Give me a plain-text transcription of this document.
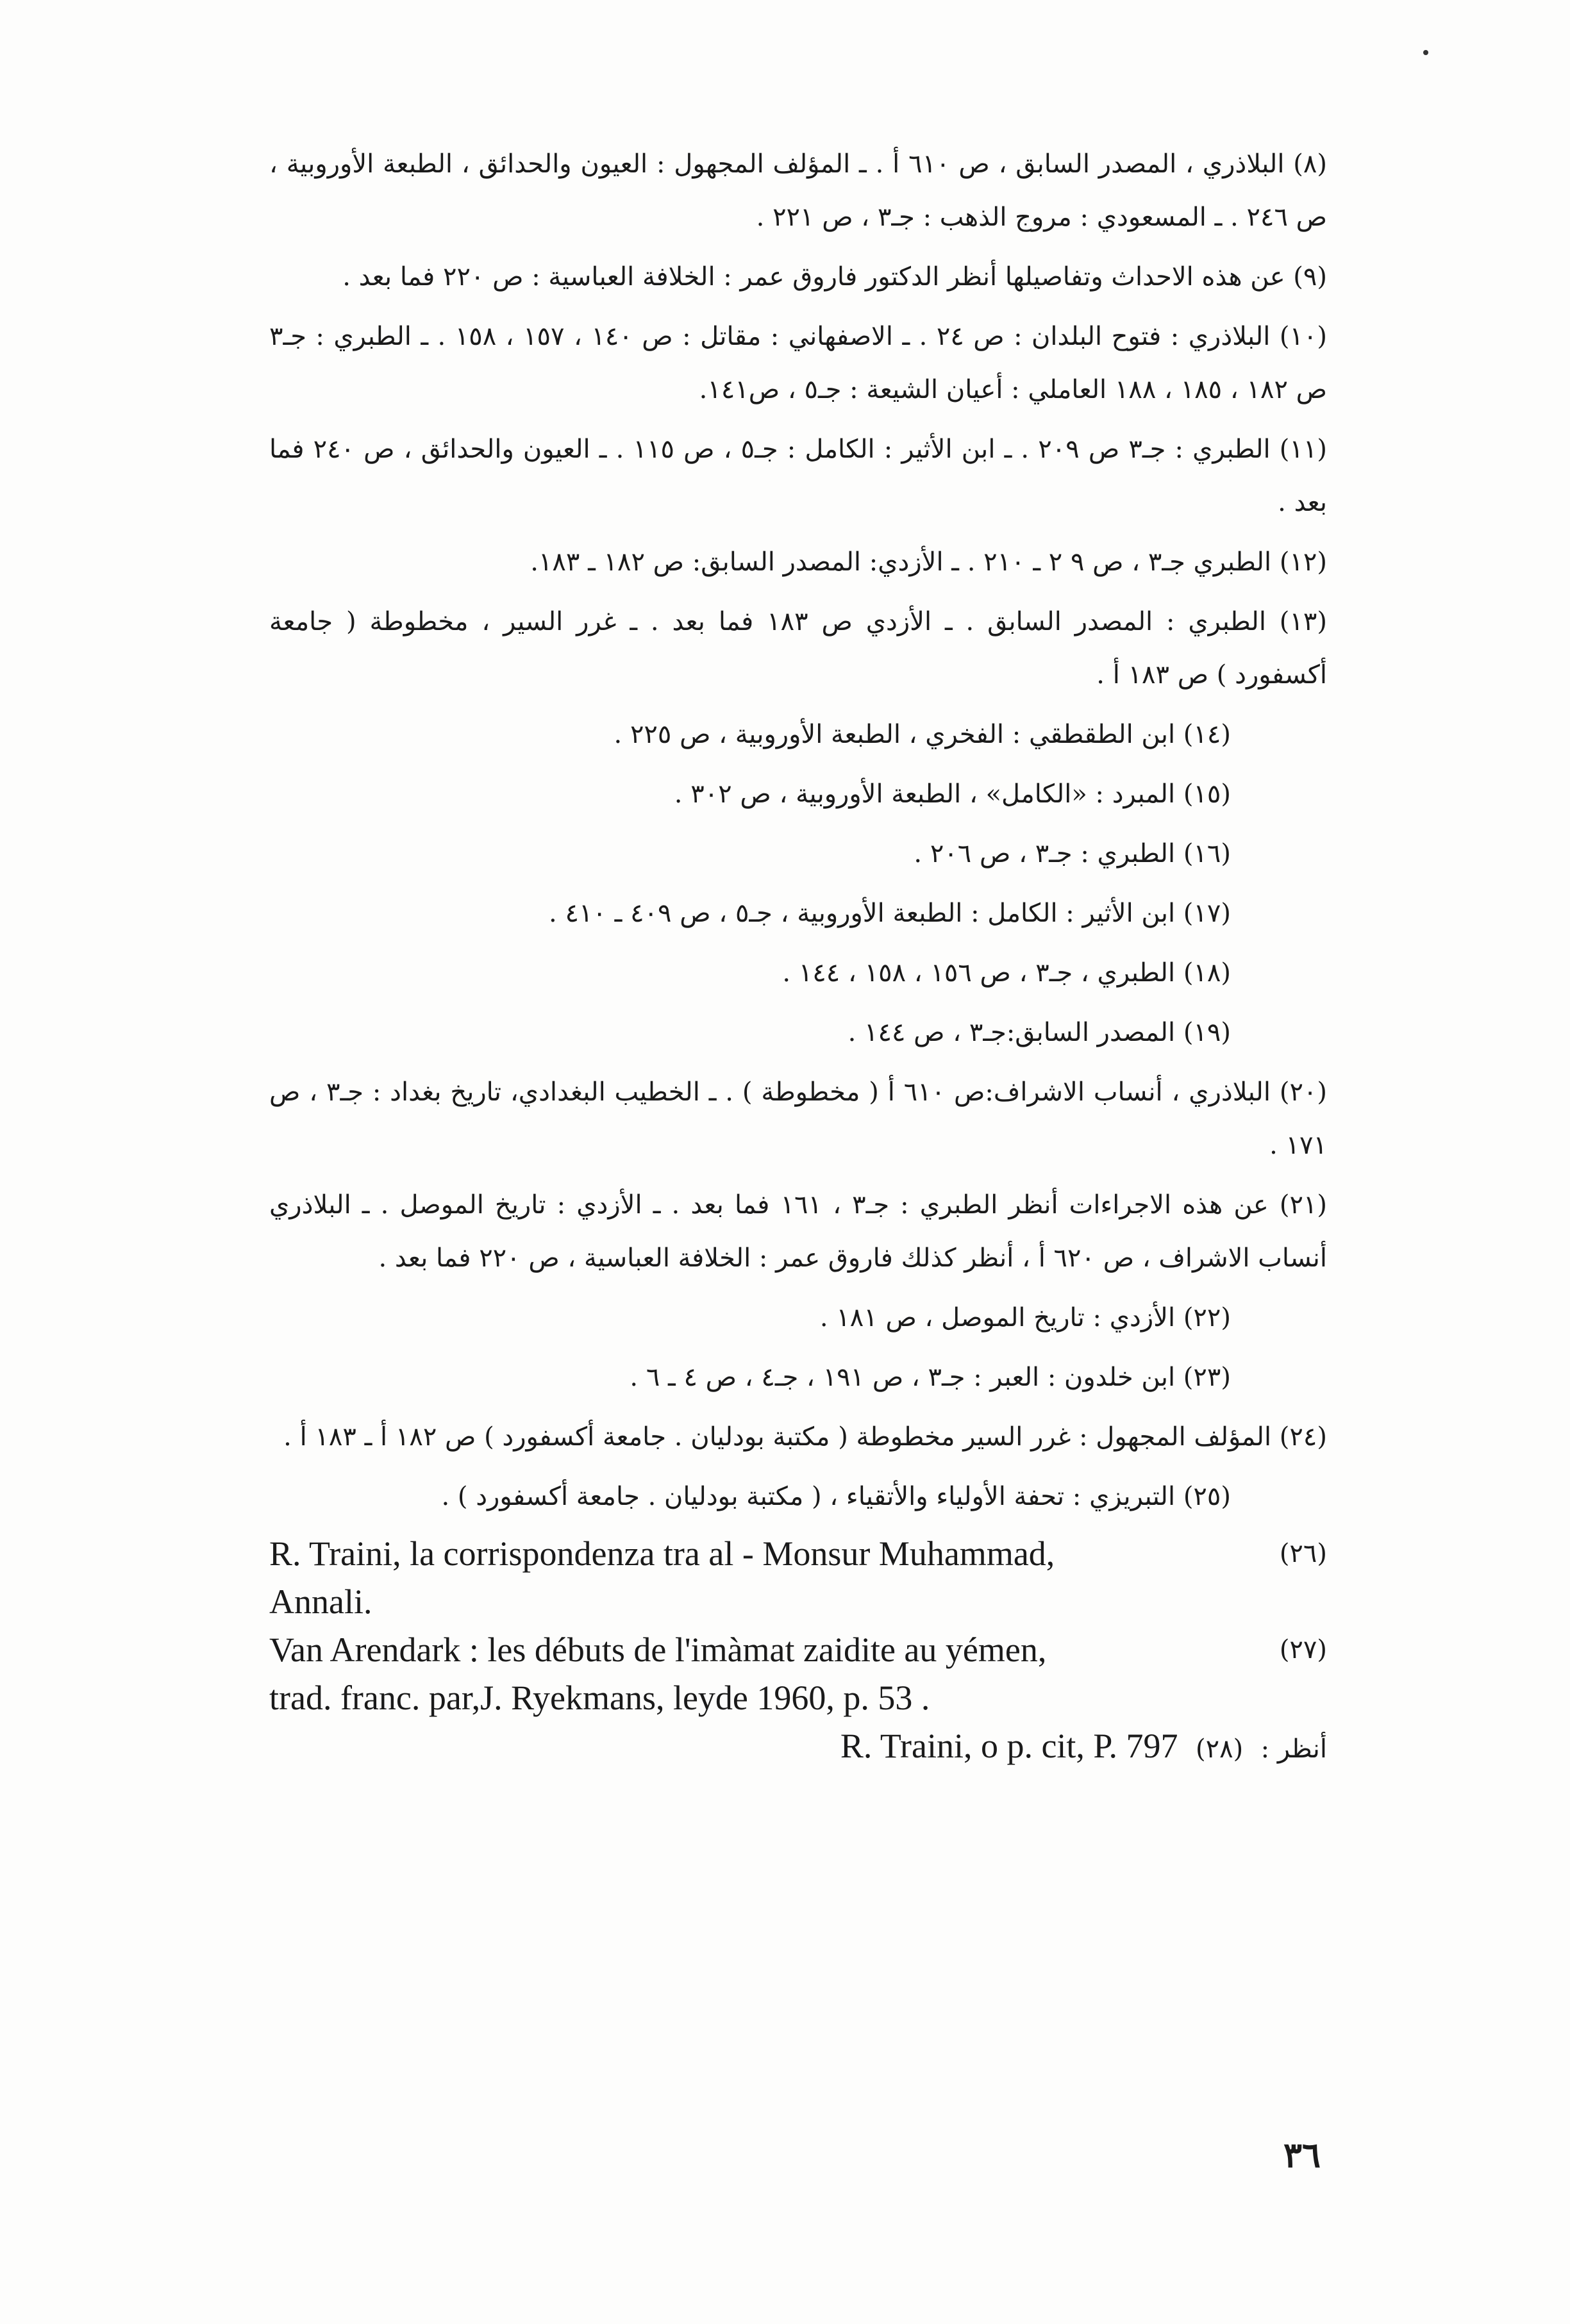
(٨) البلاذري ، المصدر السابق ، ص ٦١٠ أ . ـ المؤلف المجهول : العيون والحدائق ، الطبعة الأوروبية ، ص ٢٤٦ . ـ المسعودي : مروج الذهب : جـ٣ ، ص ٢٢١ .

(٩) عن هذه الاحداث وتفاصيلها أنظر الدكتور فاروق عمر : الخلافة العباسية : ص ٢٢٠ فما بعد .

(١٠) البلاذري : فتوح البلدان : ص ٢٤ . ـ الاصفهاني : مقاتل : ص ١٤٠ ، ١٥٧ ، ١٥٨ . ـ الطبري : جـ٣ ص ١٨٢ ، ١٨٥ ، ١٨٨ العاملي : أعيان الشيعة : جـ٥ ، ص١٤١.

(١١) الطبري : جـ٣ ص ٢٠٩ . ـ ابن الأثير : الكامل : جـ٥ ، ص ١١٥ . ـ العيون والحدائق ، ص ٢٤٠ فما بعد .

(١٢) الطبري جـ٣ ، ص ٩ ٢ ـ ٢١٠ . ـ الأزدي: المصدر السابق: ص ١٨٢ ـ ١٨٣.

(١٣) الطبري : المصدر السابق . ـ الأزدي ص ١٨٣ فما بعد . ـ غرر السير ، مخطوطة ( جامعة أكسفورد ) ص ١٨٣ أ .

(١٤) ابن الطقطقي : الفخري ، الطبعة الأوروبية ، ص ٢٢٥ .

(١٥) المبرد : «الكامل» ، الطبعة الأوروبية ، ص ٣٠٢ .

(١٦) الطبري : جـ٣ ، ص ٢٠٦ .

(١٧) ابن الأثير : الكامل : الطبعة الأوروبية ، جـ٥ ، ص ٤٠٩ ـ ٤١٠ .

(١٨) الطبري ، جـ٣ ، ص ١٥٦ ، ١٥٨ ، ١٤٤ .

(١٩) المصدر السابق:جـ٣ ، ص ١٤٤ .

(٢٠) البلاذري ، أنساب الاشراف:ص ٦١٠ أ ( مخطوطة ) . ـ الخطيب البغدادي، تاريخ بغداد : جـ٣ ، ص ١٧١ .

(٢١) عن هذه الاجراءات أنظر الطبري : جـ٣ ، ١٦١ فما بعد . ـ الأزدي : تاريخ الموصل . ـ البلاذري أنساب الاشراف ، ص ٦٢٠ أ ، أنظر كذلك فاروق عمر : الخلافة العباسية ، ص ٢٢٠ فما بعد .

(٢٢) الأزدي : تاريخ الموصل ، ص ١٨١ .

(٢٣) ابن خلدون : العبر : جـ٣ ، ص ١٩١ ، جـ٤ ، ص ٤ ـ ٦ .

(٢٤) المؤلف المجهول : غرر السير مخطوطة ( مكتبة بودليان . جامعة أكسفورد ) ص ١٨٢ أ ـ ١٨٣ أ .

(٢٥) التبريزي : تحفة الأولياء والأتقياء ، ( مكتبة بودليان . جامعة أكسفورد ) .

(٢٦)
R. Traini, la corrispondenza tra al - Monsur Muhammad,
Annali.
(٢٧)
Van Arendark : les débuts de l'imàmat zaidite au yémen,
trad. franc. par,J. Ryekmans, leyde 1960, p. 53 .
R. Traini, o p. cit, P. 797	أنظر : (٢٨)
٣٦
